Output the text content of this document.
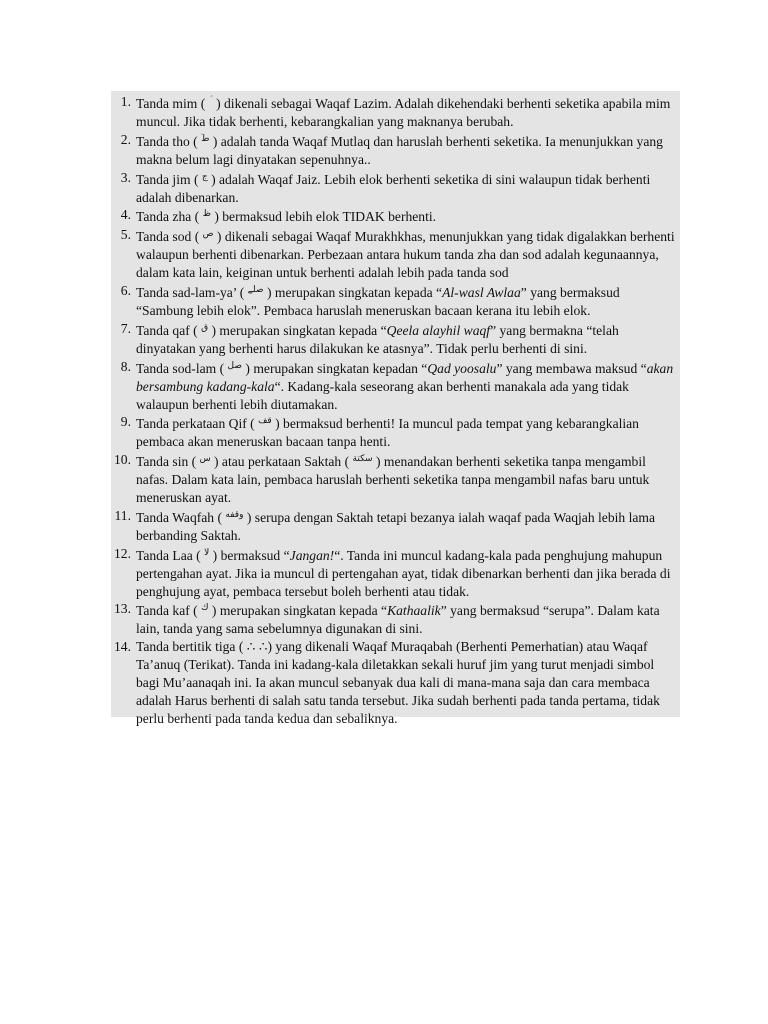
1. Tanda mim (  ) dikenali sebagai Waqaf Lazim. Adalah dikehendaki berhenti seketika apabila mim muncul. Jika tidak berhenti, kebarangkalian yang maknanya berubah.
2. Tanda tho ( ۘط ) adalah tanda Waqaf Mutlaq dan haruslah berhenti seketika. Ia menunjukkan yang makna belum lagi dinyatakan sepenuhnya..
3. Tanda jim ( ج ) adalah Waqaf Jaiz. Lebih elok berhenti seketika di sini walaupun tidak berhenti adalah dibenarkan.
4. Tanda zha ( ظ ) bermaksud lebih elok TIDAK berhenti.
5. Tanda sod ( ص ) dikenali sebagai Waqaf Murakhkhas, menunjukkan yang tidak digalakkan berhenti walaupun berhenti dibenarkan. Perbezaan antara hukum tanda zha dan sod adalah kegunaannya, dalam kata lain, keiginan untuk berhenti adalah lebih pada tanda sod
6. Tanda sad-lam-ya’ ( صلے ) merupakan singkatan kepada “Al-wasl Awlaa” yang bermaksud “Sambung lebih elok”. Pembaca haruslah meneruskan bacaan kerana itu lebih elok.
7. Tanda qaf ( ق ) merupakan singkatan kepada “Qeela alayhil waqf” yang bermakna “telah dinyatakan yang berhenti harus dilakukan ke atasnya”. Tidak perlu berhenti di sini.
8. Tanda sod-lam ( صل ) merupakan singkatan kepadan “Qad yoosalu” yang membawa maksud “akan bersambung kadang-kala“. Kadang-kala seseorang akan berhenti manakala ada yang tidak walaupun berhenti lebih diutamakan.
9. Tanda perkataan Qif ( قف ) bermaksud berhenti! Ia muncul pada tempat yang kebarangkalian pembaca akan meneruskan bacaan tanpa henti.
10. Tanda sin ( س ) atau perkataan Saktah ( سكتة ) menandakan berhenti seketika tanpa mengambil nafas. Dalam kata lain, pembaca haruslah berhenti seketika tanpa mengambil nafas baru untuk meneruskan ayat.
11. Tanda Waqfah ( وقفه ) serupa dengan Saktah tetapi bezanya ialah waqaf pada Waqjah lebih lama berbanding Saktah.
12. Tanda Laa ( لا ) bermaksud “Jangan!“. Tanda ini muncul kadang-kala pada penghujung mahupun pertengahan ayat. Jika ia muncul di pertengahan ayat, tidak dibenarkan berhenti dan jika berada di penghujung ayat, pembaca tersebut boleh berhenti atau tidak.
13. Tanda kaf ( ك ) merupakan singkatan kepada “Kathaalik” yang bermaksud “serupa”. Dalam kata lain, tanda yang sama sebelumnya digunakan di sini.
14. Tanda bertitik tiga ( ∴ ∴) yang dikenali Waqaf Muraqabah (Berhenti Pemerhatian) atau Waqaf Ta’anuq (Terikat). Tanda ini kadang-kala diletakkan sekali huruf jim yang turut menjadi simbol bagi Mu’aanaqah ini. Ia akan muncul sebanyak dua kali di mana-mana saja dan cara membaca adalah Harus berhenti di salah satu tanda tersebut. Jika sudah berhenti pada tanda pertama, tidak perlu berhenti pada tanda kedua dan sebaliknya.
